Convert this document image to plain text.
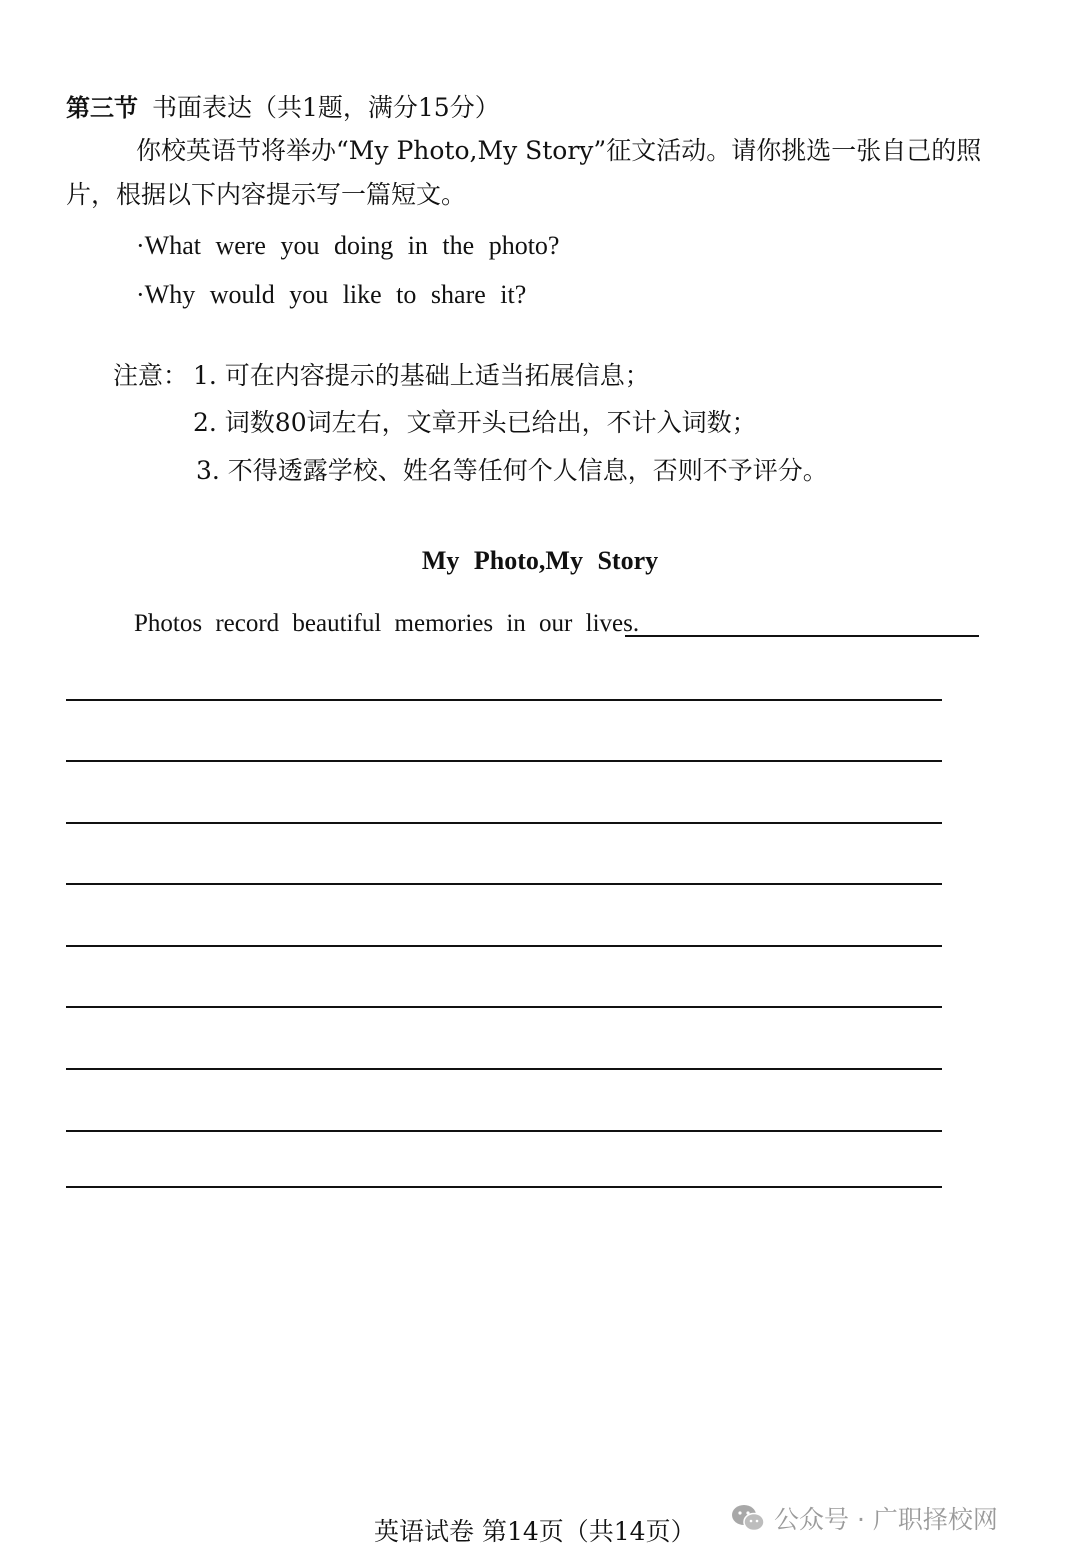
第三节 书面表达（共1题，满分15分）
你校英语节将举办“My Photo,My Story”征文活动。请你挑选一张自己的照
片，根据以下内容提示写一篇短文。
·What were you doing in the photo?
·Why would you like to share it?
注意： 1. 可在内容提示的基础上适当拓展信息；
2. 词数80词左右，文章开头已给出，不计入词数；
3. 不得透露学校、姓名等任何个人信息，否则不予评分。
My Photo,My Story
Photos record beautiful memories in our lives.
英语试卷 第14页（共14页）	公众号 · 广职择校网
